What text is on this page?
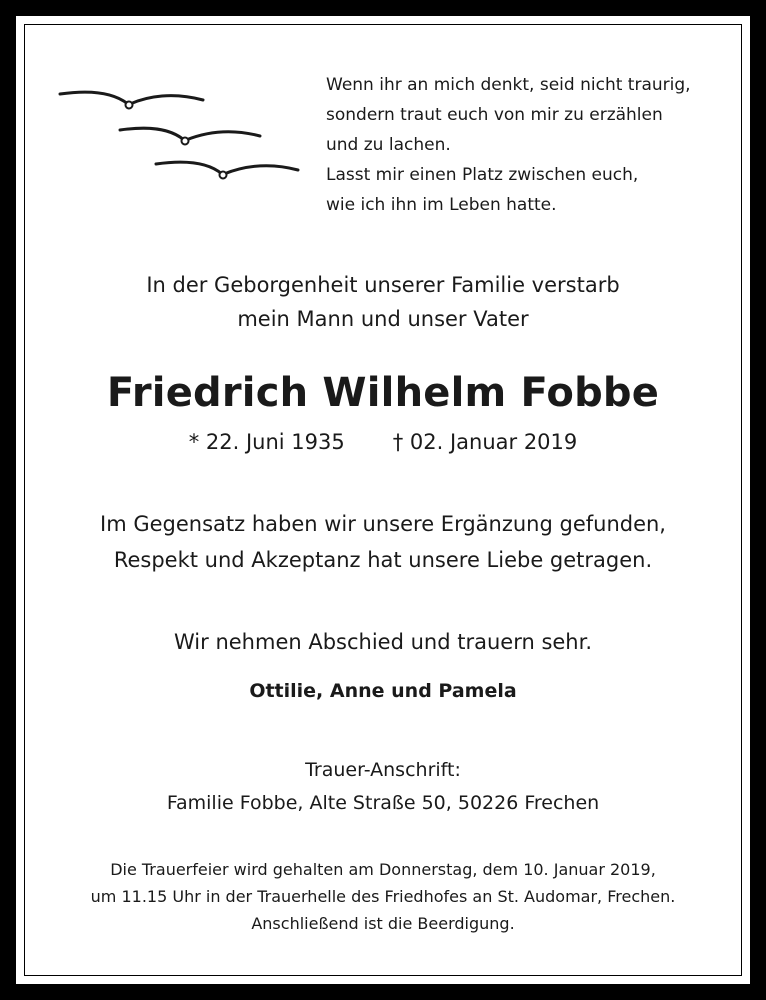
Wenn ihr an mich denkt, seid nicht traurig,
sondern traut euch von mir zu erzählen
und zu lachen.
Lasst mir einen Platz zwischen euch,
wie ich ihn im Leben hatte.
In der Geborgenheit unserer Familie verstarb
mein Mann und unser Vater
Friedrich Wilhelm Fobbe
* 22. Juni 1935 † 02. Januar 2019
Im Gegensatz haben wir unsere Ergänzung gefunden,
Respekt und Akzeptanz hat unsere Liebe getragen.
Wir nehmen Abschied und trauern sehr.
Ottilie, Anne und Pamela
Trauer-Anschrift:
Familie Fobbe, Alte Straße 50, 50226 Frechen
Die Trauerfeier wird gehalten am Donnerstag, dem 10. Januar 2019,
um 11.15 Uhr in der Trauerhelle des Friedhofes an St. Audomar, Frechen.
Anschließend ist die Beerdigung.
